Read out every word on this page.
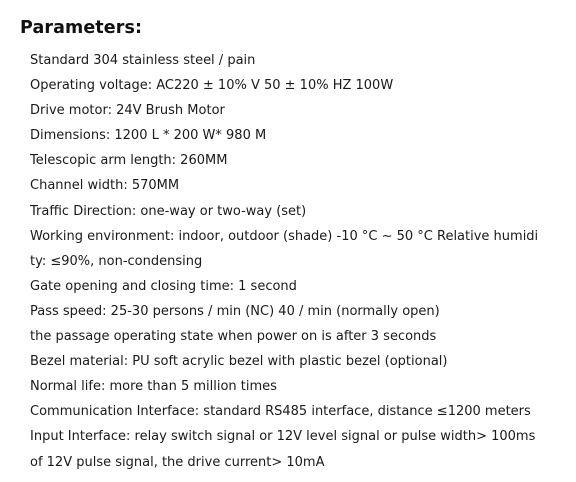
Parameters:
Standard 304 stainless steel / pain
Operating voltage: AC220 ± 10% V 50 ± 10% HZ 100W
Drive motor: 24V Brush Motor
Dimensions: 1200 L * 200 W* 980 M
Telescopic arm length: 260MM
Channel width: 570MM
Traffic Direction: one-way or two-way (set)
Working environment: indoor, outdoor (shade) -10 °C ~ 50 °C Relative humidi
ty: ≤90%, non-condensing
Gate opening and closing time: 1 second
Pass speed: 25-30 persons / min (NC) 40 / min (normally open)
the passage operating state when power on is after 3 seconds
Bezel material: PU soft acrylic bezel with plastic bezel (optional)
Normal life: more than 5 million times
Communication Interface: standard RS485 interface, distance ≤1200 meters
Input Interface: relay switch signal or 12V level signal or pulse width> 100ms
of 12V pulse signal, the drive current> 10mA
